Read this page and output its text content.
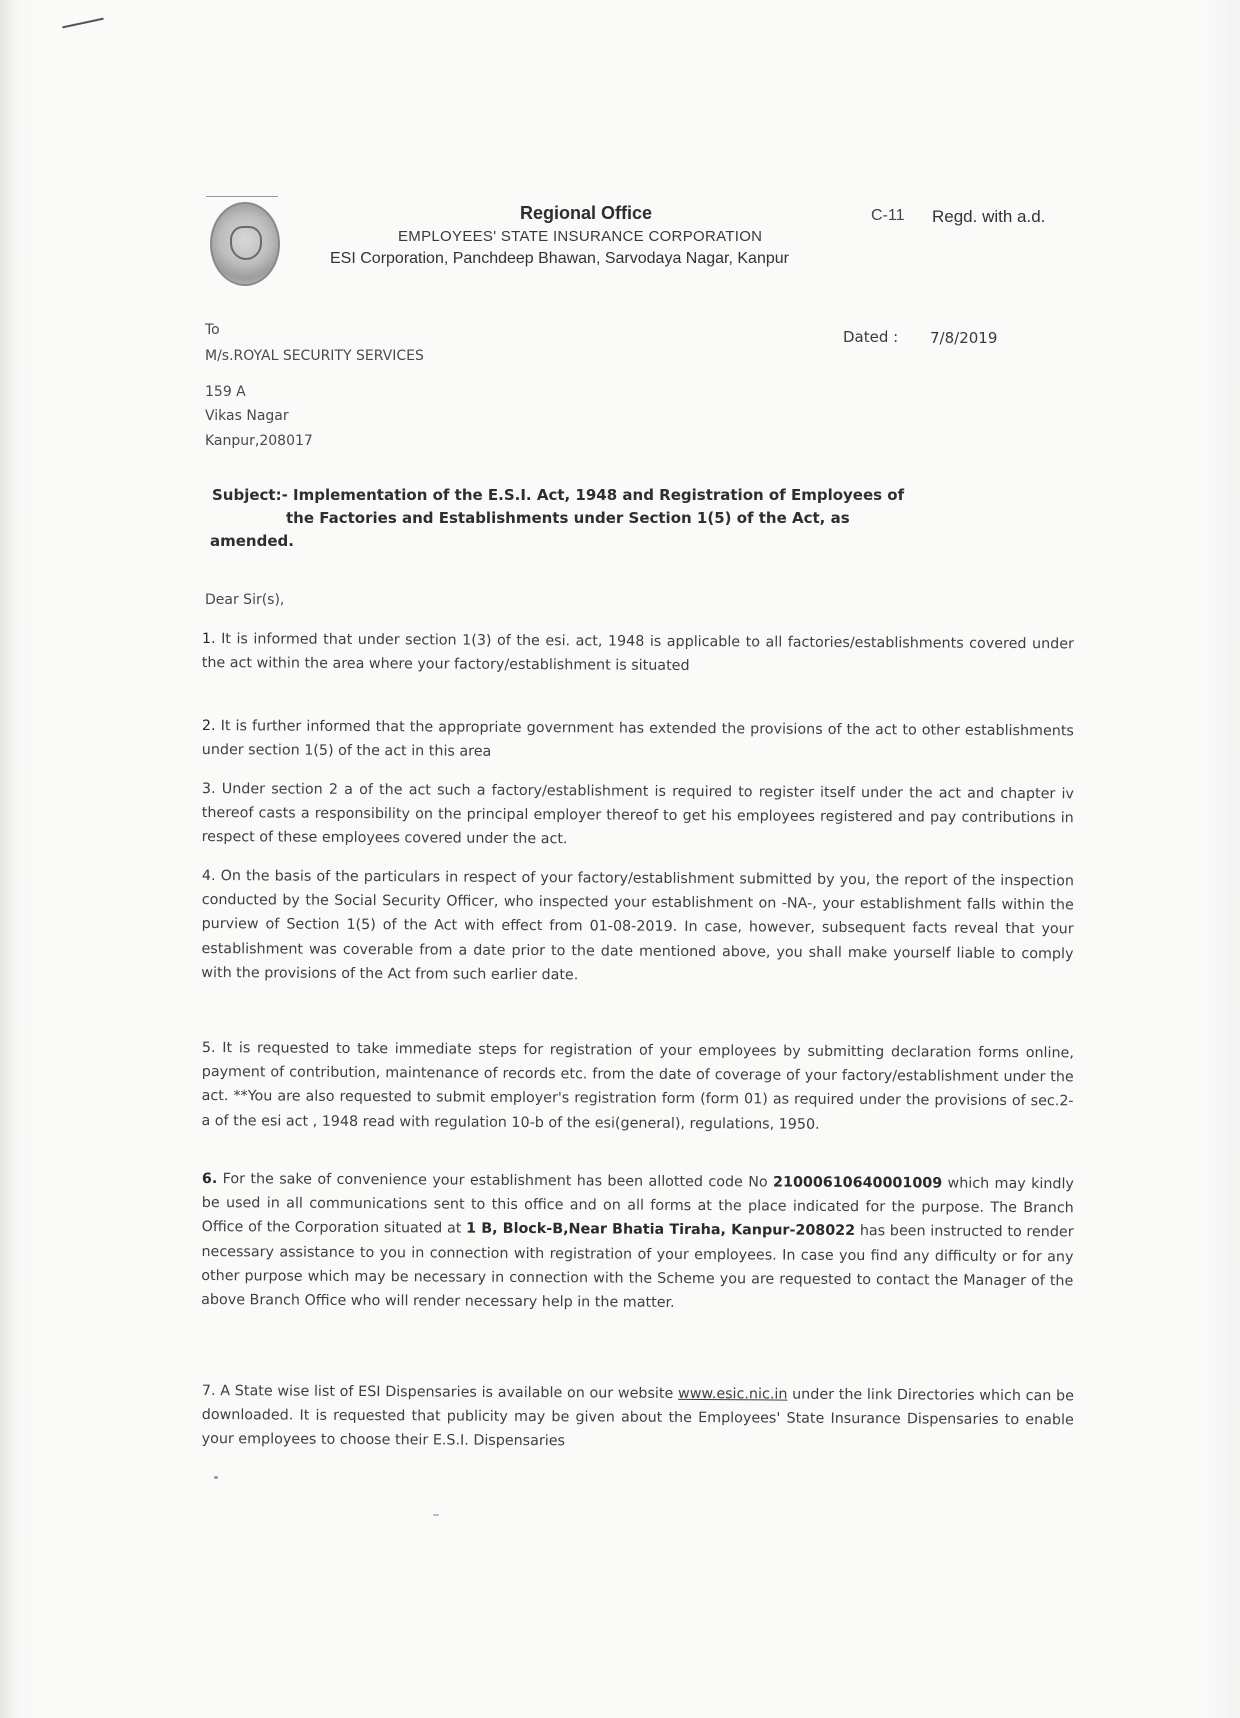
Regional Office	C-11 Regd. with a.d.
EMPLOYEES' STATE INSURANCE CORPORATION
ESI Corporation, Panchdeep Bhawan, Sarvodaya Nagar, Kanpur
To
M/s.ROYAL SECURITY SERVICES
159 A
Vikas Nagar
Kanpur,208017
Dated : 7/8/2019
Subject:- Implementation of the E.S.I. Act, 1948 and Registration of Employees of
the Factories and Establishments under Section 1(5) of the Act, as
amended.
Dear Sir(s),
1. It is informed that under section 1(3) of the esi. act, 1948 is applicable to all factories/establishments covered under the act within the area where your factory/establishment is situated
2. It is further informed that the appropriate government has extended the provisions of the act to other establishments under section 1(5) of the act in this area
3. Under section 2 a of the act such a factory/establishment is required to register itself under the act and chapter iv thereof casts a responsibility on the principal employer thereof to get his employees registered and pay contributions in respect of these employees covered under the act.
4. On the basis of the particulars in respect of your factory/establishment submitted by you, the report of the inspection conducted by the Social Security Officer, who inspected your establishment on -NA-, your establishment falls within the purview of Section 1(5) of the Act with effect from 01-08-2019. In case, however, subsequent facts reveal that your establishment was coverable from a date prior to the date mentioned above, you shall make yourself liable to comply with the provisions of the Act from such earlier date.
5. It is requested to take immediate steps for registration of your employees by submitting declaration forms online, payment of contribution, maintenance of records etc. from the date of coverage of your factory/establishment under the act. **You are also requested to submit employer's registration form (form 01) as required under the provisions of sec.2-a of the esi act , 1948 read with regulation 10-b of the esi(general), regulations, 1950.
6. For the sake of convenience your establishment has been allotted code No 21000610640001009 which may kindly be used in all communications sent to this office and on all forms at the place indicated for the purpose. The Branch Office of the Corporation situated at 1 B, Block-B,Near Bhatia Tiraha, Kanpur-208022 has been instructed to render necessary assistance to you in connection with registration of your employees. In case you find any difficulty or for any other purpose which may be necessary in connection with the Scheme you are requested to contact the Manager of the above Branch Office who will render necessary help in the matter.
7. A State wise list of ESI Dispensaries is available on our website www.esic.nic.in under the link Directories which can be downloaded. It is requested that publicity may be given about the Employees' State Insurance Dispensaries to enable your employees to choose their E.S.I. Dispensaries
